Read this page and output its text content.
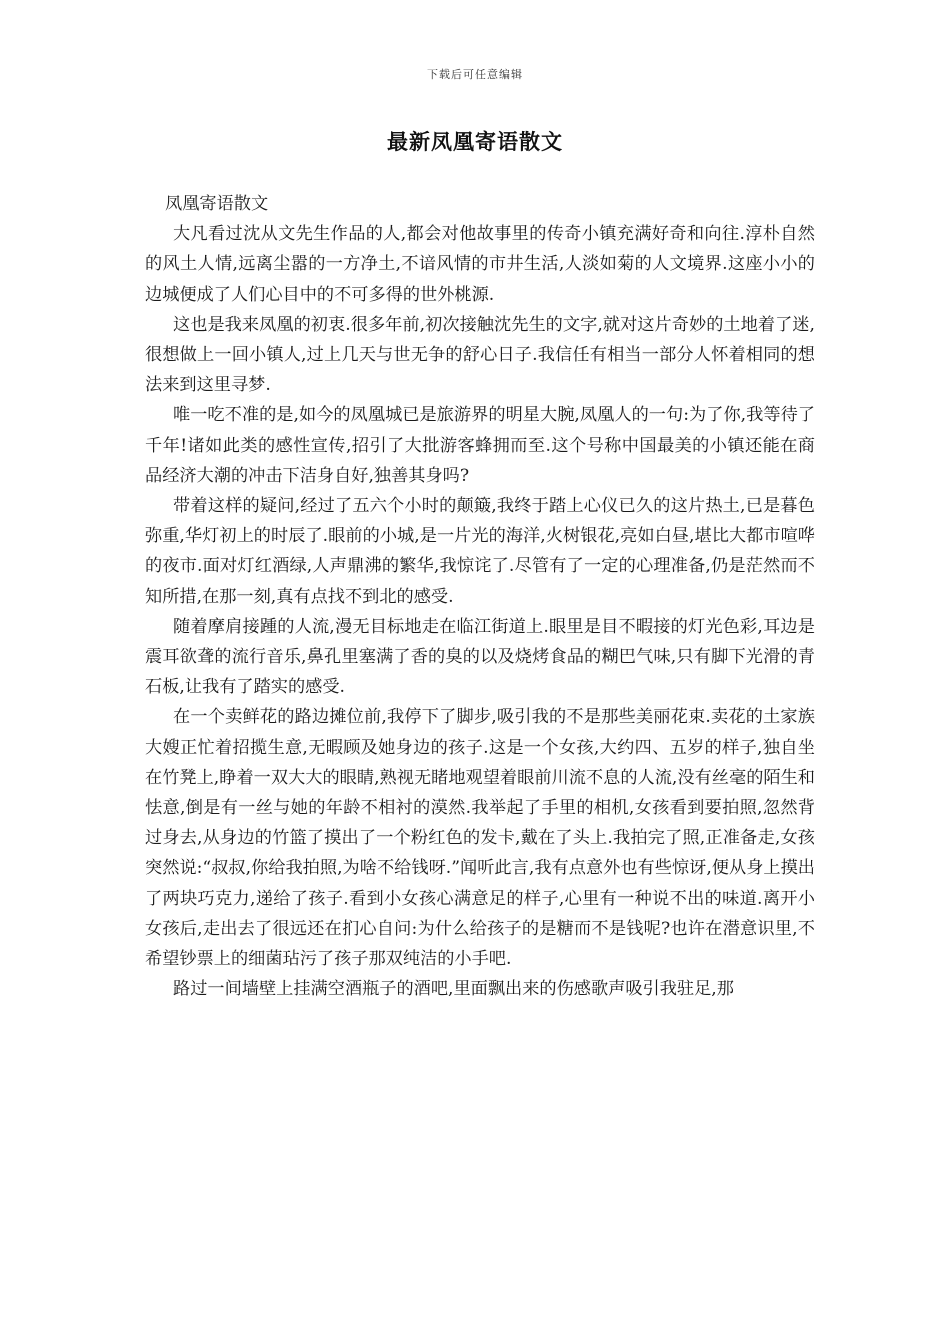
下载后可任意编辑
最新凤凰寄语散文
凤凰寄语散文

大凡看过沈从文先生作品的人,都会对他故事里的传奇小镇充满好奇和向往.淳朴自然的风土人情,远离尘嚣的一方净土,不谙风情的市井生活,人淡如菊的人文境界.这座小小的边城便成了人们心目中的不可多得的世外桃源.

这也是我来凤凰的初衷.很多年前,初次接触沈先生的文字,就对这片奇妙的土地着了迷,很想做上一回小镇人,过上几天与世无争的舒心日子.我信任有相当一部分人怀着相同的想法来到这里寻梦.

唯一吃不准的是,如今的凤凰城已是旅游界的明星大腕,凤凰人的一句:为了你,我等待了千年!诸如此类的感性宣传,招引了大批游客蜂拥而至.这个号称中国最美的小镇还能在商品经济大潮的冲击下洁身自好,独善其身吗?

带着这样的疑问,经过了五六个小时的颠簸,我终于踏上心仪已久的这片热土,已是暮色弥重,华灯初上的时辰了.眼前的小城,是一片光的海洋,火树银花,亮如白昼,堪比大都市喧哗的夜市.面对灯红酒绿,人声鼎沸的繁华,我惊诧了.尽管有了一定的心理准备,仍是茫然而不知所措,在那一刻,真有点找不到北的感受.

随着摩肩接踵的人流,漫无目标地走在临江街道上.眼里是目不暇接的灯光色彩,耳边是震耳欲聋的流行音乐,鼻孔里塞满了香的臭的以及烧烤食品的糊巴气味,只有脚下光滑的青石板,让我有了踏实的感受.

在一个卖鲜花的路边摊位前,我停下了脚步,吸引我的不是那些美丽花束.卖花的土家族大嫂正忙着招揽生意,无暇顾及她身边的孩子.这是一个女孩,大约四、五岁的样子,独自坐在竹凳上,睁着一双大大的眼睛,熟视无睹地观望着眼前川流不息的人流,没有丝毫的陌生和怯意,倒是有一丝与她的年龄不相衬的漠然.我举起了手里的相机,女孩看到要拍照,忽然背过身去,从身边的竹篮了摸出了一个粉红色的发卡,戴在了头上.我拍完了照,正准备走,女孩突然说:“叔叔,你给我拍照,为啥不给钱呀.”闻听此言,我有点意外也有些惊讶,便从身上摸出了两块巧克力,递给了孩子.看到小女孩心满意足的样子,心里有一种说不出的味道.离开小女孩后,走出去了很远还在扪心自问:为什么给孩子的是糖而不是钱呢?也许在潜意识里,不希望钞票上的细菌玷污了孩子那双纯洁的小手吧.

路过一间墙壁上挂满空酒瓶子的酒吧,里面飘出来的伤感歌声吸引我驻足,那
